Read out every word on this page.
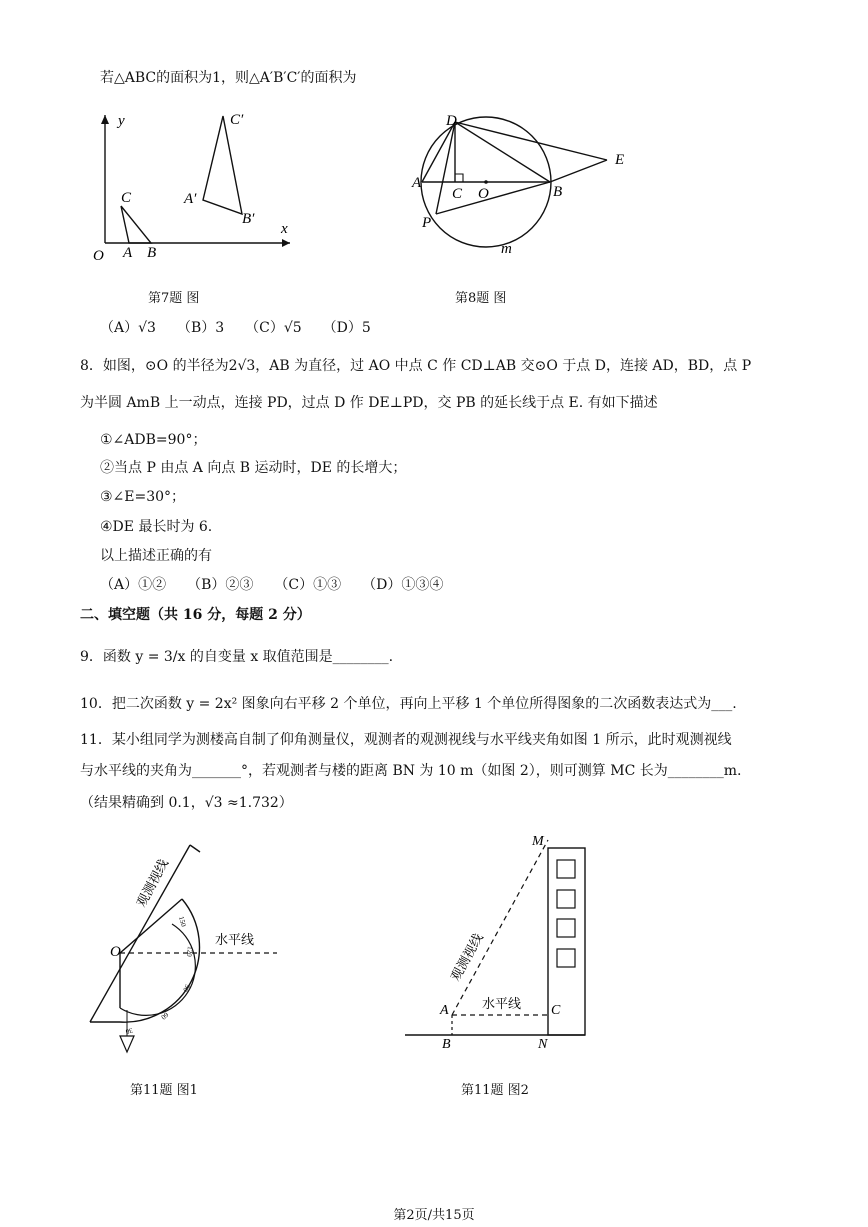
若△ABC的面积为1，则△A′B′C′的面积为
y
x
O A B
C
C′
A′
B′
D
E
A
C O	B
P
m
第7题 图	第8题 图
（A）√3　　（B）3　　（C）√5　　（D）5
8．如图，⊙O 的半径为2√3，AB 为直径，过 AO 中点 C 作 CD⊥AB 交⊙O 于点 D，连接 AD，BD，点 P
为半圆 AmB 上一动点，连接 PD，过点 D 作 DE⊥PD，交 PB 的延长线于点 E. 有如下描述
①∠ADB=90°；
②当点 P 由点 A 向点 B 运动时，DE 的长增大；
③∠E=30°；
④DE 最长时为 6.
以上描述正确的有
（A）①②　　（B）②③　　（C）①③　　（D）①③④
二、填空题（共 16 分，每题 2 分）
9．函数 y = 3/x 的自变量 x 取值范围是________.
10．把二次函数 y = 2x² 图象向右平移 2 个单位，再向上平移 1 个单位所得图象的二次函数表达式为___.
11．某小组同学为测楼高自制了仰角测量仪，观测者的观测视线与水平线夹角如图 1 所示，此时观测视线
与水平线的夹角为_______°，若观测者与楼的距离 BN 为 10 m（如图 2），则可测算 MC 长为________m.
（结果精确到 0.1，√3 ≈1.732）
O
水平线
观测视线
150
120
90
60
30
M
A	C
B	N
水平线
观测视线
第11题 图1	第11题 图2
第2页/共15页
